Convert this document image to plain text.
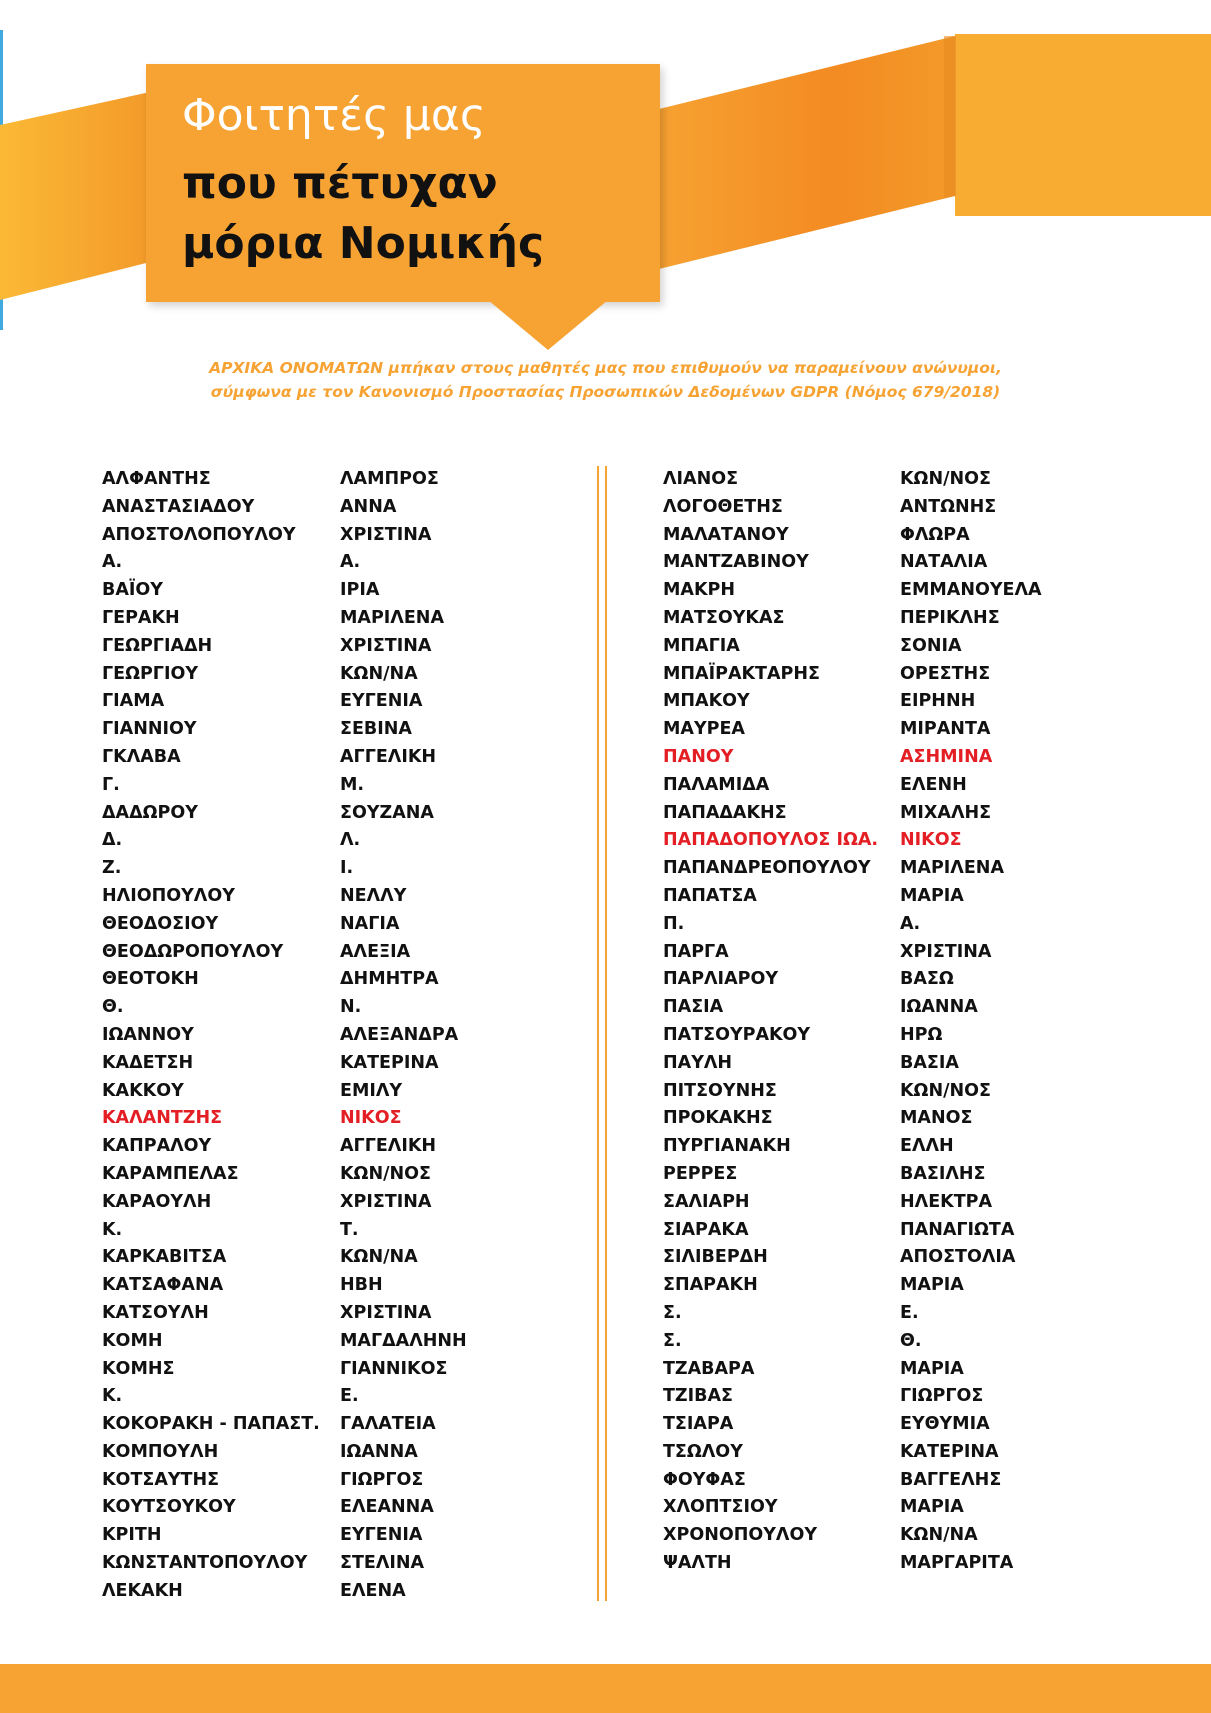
Φοιτητές μας
που πέτυχαν
μόρια Νομικής

ΑΡΧΙΚΑ ΟΝΟΜΑΤΩΝ μπήκαν στους μαθητές μας που επιθυμούν να παραμείνουν ανώνυμοι,

σύμφωνα με τον Κανονισμό Προστασίας Προσωπικών Δεδομένων GDPR (Νόμος 679/2018)

ΑΛΦΑΝΤΗΣ
ΑΝΑΣΤΑΣΙΑΔΟΥ
ΑΠΟΣΤΟΛΟΠΟΥΛΟΥ
Α.
ΒΑΪΟΥ
ΓΕΡΑΚΗ
ΓΕΩΡΓΙΑΔΗ
ΓΕΩΡΓΙΟΥ
ΓΙΑΜΑ
ΓΙΑΝΝΙΟΥ
ΓΚΛΑΒΑ
Γ.
ΔΑΔΩΡΟΥ
Δ.
Ζ.
ΗΛΙΟΠΟΥΛΟΥ
ΘΕΟΔΟΣΙΟΥ
ΘΕΟΔΩΡΟΠΟΥΛΟΥ
ΘΕΟΤΟΚΗ
Θ.
ΙΩΑΝΝΟΥ
ΚΑΔΕΤΣΗ
ΚΑΚΚΟΥ
ΚΑΛΑΝΤΖΗΣ
ΚΑΠΡΑΛΟΥ
ΚΑΡΑΜΠΕΛΑΣ
ΚΑΡΑΟΥΛΗ
Κ.
ΚΑΡΚΑΒΙΤΣΑ
ΚΑΤΣΑΦΑΝΑ
ΚΑΤΣΟΥΛΗ
ΚΟΜΗ
ΚΟΜΗΣ
Κ.
ΚΟΚΟΡΑΚΗ - ΠΑΠΑΣΤ.
ΚΟΜΠΟΥΛΗ
ΚΟΤΣΑΥΤΗΣ
ΚΟΥΤΣΟΥΚΟΥ
ΚΡΙΤΗ
ΚΩΝΣΤΑΝΤΟΠΟΥΛΟΥ
ΛΕΚΑΚΗ
ΛΑΜΠΡΟΣ
ΑΝΝΑ
ΧΡΙΣΤΙΝΑ
Α.
ΙΡΙΑ
ΜΑΡΙΛΕΝΑ
ΧΡΙΣΤΙΝΑ
ΚΩΝ/ΝΑ
ΕΥΓΕΝΙΑ
ΣΕΒΙΝΑ
ΑΓΓΕΛΙΚΗ
Μ.
ΣΟΥΖΑΝΑ
Λ.
Ι.
ΝΕΛΛΥ
ΝΑΓΙΑ
ΑΛΕΞΙΑ
ΔΗΜΗΤΡΑ
Ν.
ΑΛΕΞΑΝΔΡΑ
ΚΑΤΕΡΙΝΑ
ΕΜΙΛΥ
ΝΙΚΟΣ
ΑΓΓΕΛΙΚΗ
ΚΩΝ/ΝΟΣ
ΧΡΙΣΤΙΝΑ
Τ.
ΚΩΝ/ΝΑ
ΗΒΗ
ΧΡΙΣΤΙΝΑ
ΜΑΓΔΑΛΗΝΗ
ΓΙΑΝΝΙΚΟΣ
Ε.
ΓΑΛΑΤΕΙΑ
ΙΩΑΝΝΑ
ΓΙΩΡΓΟΣ
ΕΛΕΑΝΝΑ
ΕΥΓΕΝΙΑ
ΣΤΕΛΙΝΑ
ΕΛΕΝΑ
ΛΙΑΝΟΣ
ΛΟΓΟΘΕΤΗΣ
ΜΑΛΑΤΑΝΟΥ
ΜΑΝΤΖΑΒΙΝΟΥ
ΜΑΚΡΗ
ΜΑΤΣΟΥΚΑΣ
ΜΠΑΓΙΑ
ΜΠΑΪΡΑΚΤΑΡΗΣ
ΜΠΑΚΟΥ
ΜΑΥΡΕΑ
ΠΑΝΟΥ
ΠΑΛΑΜΙΔΑ
ΠΑΠΑΔΑΚΗΣ
ΠΑΠΑΔΟΠΟΥΛΟΣ ΙΩΑ.
ΠΑΠΑΝΔΡΕΟΠΟΥΛΟΥ
ΠΑΠΑΤΣΑ
Π.
ΠΑΡΓΑ
ΠΑΡΛΙΑΡΟΥ
ΠΑΣΙΑ
ΠΑΤΣΟΥΡΑΚΟΥ
ΠΑΥΛΗ
ΠΙΤΣΟΥΝΗΣ
ΠΡΟΚΑΚΗΣ
ΠΥΡΓΙΑΝΑΚΗ
ΡΕΡΡΕΣ
ΣΑΛΙΑΡΗ
ΣΙΑΡΑΚΑ
ΣΙΛΙΒΕΡΔΗ
ΣΠΑΡΑΚΗ
Σ.
Σ.
ΤΖΑΒΑΡΑ
ΤΖΙΒΑΣ
ΤΣΙΑΡΑ
ΤΣΩΛΟΥ
ΦΟΥΦΑΣ
ΧΛΟΠΤΣΙΟΥ
ΧΡΟΝΟΠΟΥΛΟΥ
ΨΑΛΤΗ
ΚΩΝ/ΝΟΣ
ΑΝΤΩΝΗΣ
ΦΛΩΡΑ
ΝΑΤΑΛΙΑ
ΕΜΜΑΝΟΥΕΛΑ
ΠΕΡΙΚΛΗΣ
ΣΟΝΙΑ
ΟΡΕΣΤΗΣ
ΕΙΡΗΝΗ
ΜΙΡΑΝΤΑ
ΑΣΗΜΙΝΑ
ΕΛΕΝΗ
ΜΙΧΑΛΗΣ
ΝΙΚΟΣ
ΜΑΡΙΛΕΝΑ
ΜΑΡΙΑ
Α.
ΧΡΙΣΤΙΝΑ
ΒΑΣΩ
ΙΩΑΝΝΑ
ΗΡΩ
ΒΑΣΙΑ
ΚΩΝ/ΝΟΣ
ΜΑΝΟΣ
ΕΛΛΗ
ΒΑΣΙΛΗΣ
ΗΛΕΚΤΡΑ
ΠΑΝΑΓΙΩΤΑ
ΑΠΟΣΤΟΛΙΑ
ΜΑΡΙΑ
Ε.
Θ.
ΜΑΡΙΑ
ΓΙΩΡΓΟΣ
ΕΥΘΥΜΙΑ
ΚΑΤΕΡΙΝΑ
ΒΑΓΓΕΛΗΣ
ΜΑΡΙΑ
ΚΩΝ/ΝΑ
ΜΑΡΓΑΡΙΤΑ
